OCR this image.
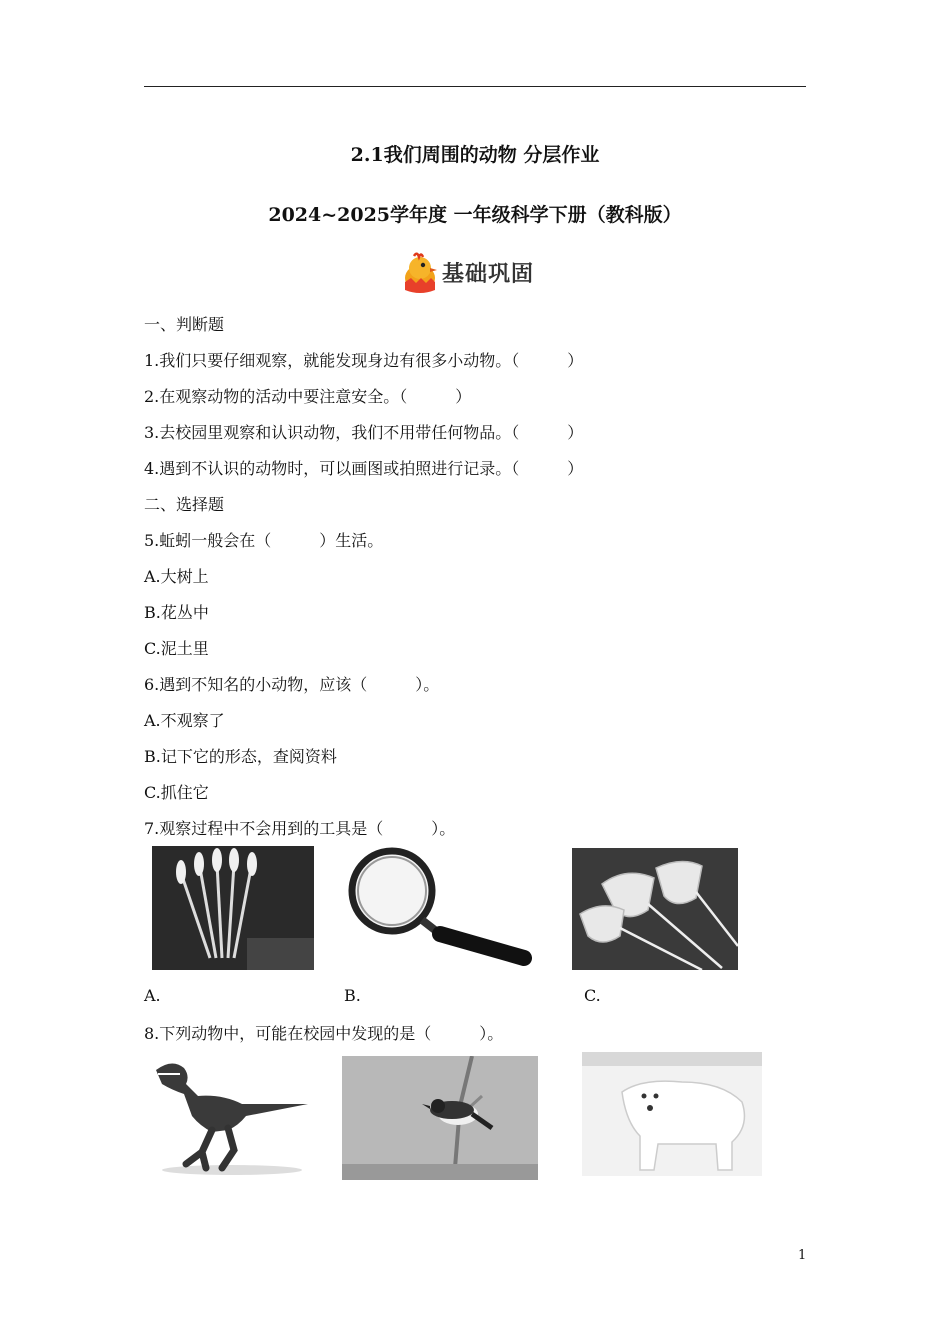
2.1我们周围的动物 分层作业
2024~2025学年度 一年级科学下册（教科版）
基础巩固
一、判断题
1.我们只要仔细观察，就能发现身边有很多小动物。（　　　）
2.在观察动物的活动中要注意安全。（　　　）
3.去校园里观察和认识动物，我们不用带任何物品。（　　　）
4.遇到不认识的动物时，可以画图或拍照进行记录。（　　　）
二、选择题
5.蚯蚓一般会在（　　　）生活。
A.大树上
B.花丛中
C.泥土里
6.遇到不知名的小动物，应该（　　　）。
A.不观察了
B.记下它的形态，查阅资料
C.抓住它
7.观察过程中不会用到的工具是（　　　）。
A.	B.	C.
8.下列动物中，可能在校园中发现的是（　　　）。
1
